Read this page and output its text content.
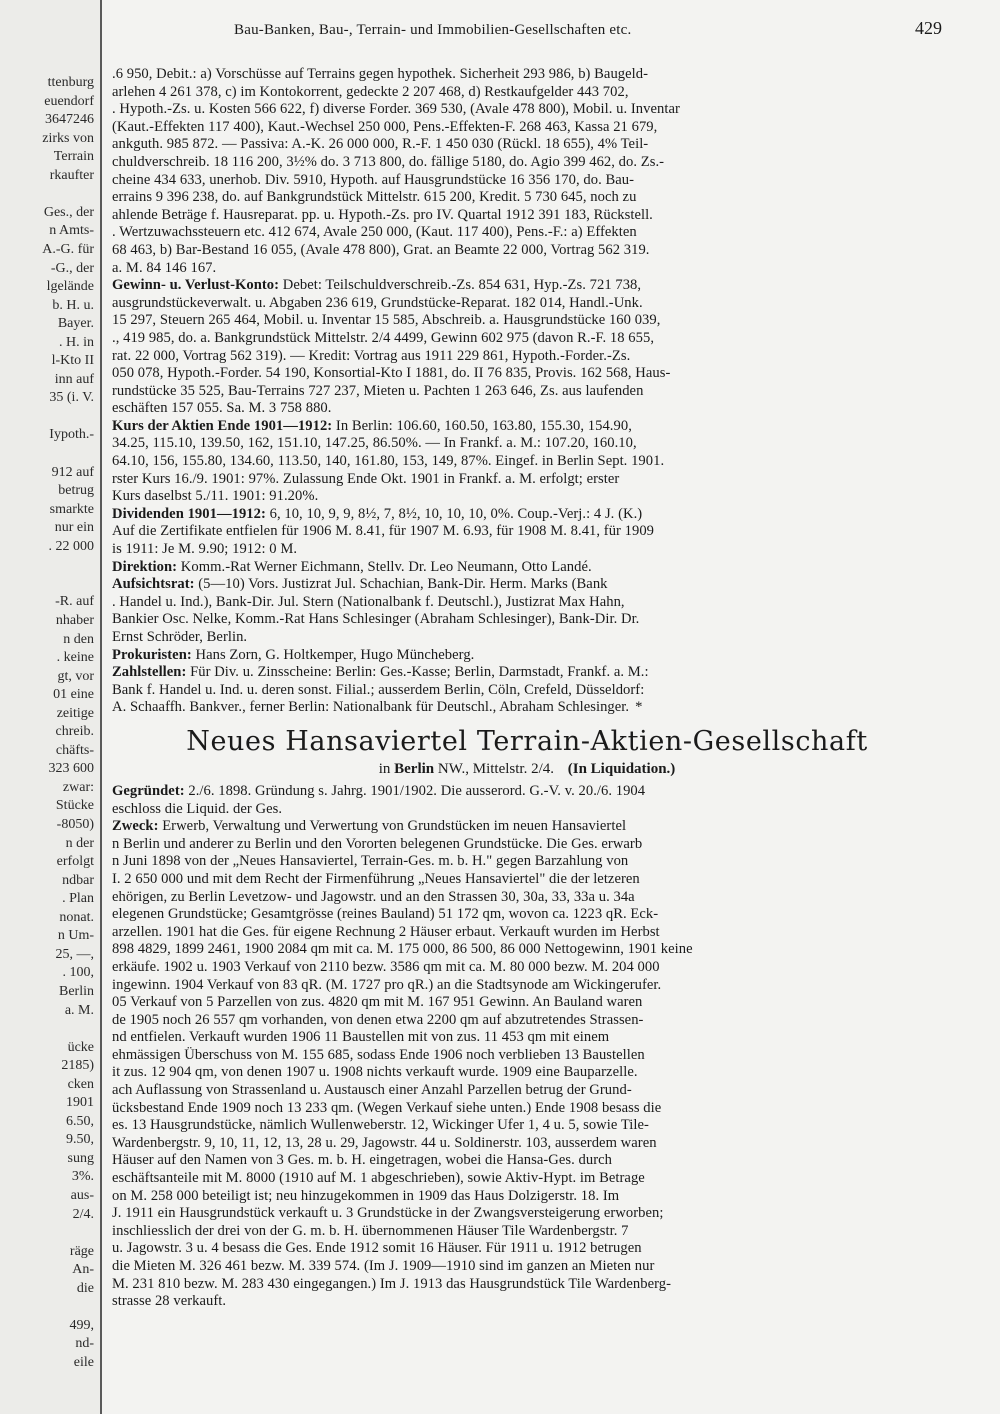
ttenburg
euendorf
3647246
zirks von
Terrain
rkaufter
Ges., der
n Amts-
A.-G. für
-G., der
lgelände
b. H. u.
Bayer.
. H. in
l-Kto II
inn auf
35 (i. V.
Iypoth.-
912 auf
betrug
smarkte
nur ein
. 22 000
-R. auf
nhaber
n den
. keine
gt, vor
01 eine
zeitige
chreib.
chäfts-
323 600
zwar:
Stücke
-8050)
n der
erfolgt
ndbar
. Plan
nonat.
n Um-
25, —,
. 100,
Berlin
a. M.
ücke
2185)
cken
1901
6.50,
9.50,
sung
3%.
aus-
2/4.
räge
An-
die
499,
nd-
eile
Bau-Banken, Bau-, Terrain- und Immobilien-Gesellschaften etc.	429
.6 950, Debit.: a) Vorschüsse auf Terrains gegen hypothek. Sicherheit 293 986, b) Baugeld-
arlehen 4 261 378, c) im Kontokorrent, gedeckte 2 207 468, d) Restkaufgelder 443 702,
. Hypoth.-Zs. u. Kosten 566 622, f) diverse Forder. 369 530, (Avale 478 800), Mobil. u. Inventar
(Kaut.-Effekten 117 400), Kaut.-Wechsel 250 000, Pens.-Effekten-F. 268 463, Kassa 21 679,
ankguth. 985 872. — Passiva: A.-K. 26 000 000, R.-F. 1 450 030 (Rückl. 18 655), 4% Teil-
chuldverschreib. 18 116 200, 3½% do. 3 713 800, do. fällige 5180, do. Agio 399 462, do. Zs.-
cheine 434 633, unerhob. Div. 5910, Hypoth. auf Hausgrundstücke 16 356 170, do. Bau-
errains 9 396 238, do. auf Bankgrundstück Mittelstr. 615 200, Kredit. 5 730 645, noch zu
ahlende Beträge f. Hausreparat. pp. u. Hypoth.-Zs. pro IV. Quartal 1912 391 183, Rückstell.
. Wertzuwachssteuern etc. 412 674, Avale 250 000, (Kaut. 117 400), Pens.-F.: a) Effekten
68 463, b) Bar-Bestand 16 055, (Avale 478 800), Grat. an Beamte 22 000, Vortrag 562 319.
a. M. 84 146 167.
Gewinn- u. Verlust-Konto: Debet: Teilschuldverschreib.-Zs. 854 631, Hyp.-Zs. 721 738,
ausgrundstückeverwalt. u. Abgaben 236 619, Grundstücke-Reparat. 182 014, Handl.-Unk.
15 297, Steuern 265 464, Mobil. u. Inventar 15 585, Abschreib. a. Hausgrundstücke 160 039,
., 419 985, do. a. Bankgrundstück Mittelstr. 2/4 4499, Gewinn 602 975 (davon R.-F. 18 655,
rat. 22 000, Vortrag 562 319). — Kredit: Vortrag aus 1911 229 861, Hypoth.-Forder.-Zs.
050 078, Hypoth.-Forder. 54 190, Konsortial-Kto I 1881, do. II 76 835, Provis. 162 568, Haus-
rundstücke 35 525, Bau-Terrains 727 237, Mieten u. Pachten 1 263 646, Zs. aus laufenden
eschäften 157 055. Sa. M. 3 758 880.
Kurs der Aktien Ende 1901—1912: In Berlin: 106.60, 160.50, 163.80, 155.30, 154.90,
34.25, 115.10, 139.50, 162, 151.10, 147.25, 86.50%. — In Frankf. a. M.: 107.20, 160.10,
64.10, 156, 155.80, 134.60, 113.50, 140, 161.80, 153, 149, 87%. Eingef. in Berlin Sept. 1901.
rster Kurs 16./9. 1901: 97%. Zulassung Ende Okt. 1901 in Frankf. a. M. erfolgt; erster
Kurs daselbst 5./11. 1901: 91.20%.
Dividenden 1901—1912: 6, 10, 10, 9, 9, 8½, 7, 8½, 10, 10, 10, 0%. Coup.-Verj.: 4 J. (K.)
Auf die Zertifikate entfielen für 1906 M. 8.41, für 1907 M. 6.93, für 1908 M. 8.41, für 1909
is 1911: Je M. 9.90; 1912: 0 M.
Direktion: Komm.-Rat Werner Eichmann, Stellv. Dr. Leo Neumann, Otto Landé.
Aufsichtsrat: (5—10) Vors. Justizrat Jul. Schachian, Bank-Dir. Herm. Marks (Bank
. Handel u. Ind.), Bank-Dir. Jul. Stern (Nationalbank f. Deutschl.), Justizrat Max Hahn,
Bankier Osc. Nelke, Komm.-Rat Hans Schlesinger (Abraham Schlesinger), Bank-Dir. Dr.
Ernst Schröder, Berlin.
Prokuristen: Hans Zorn, G. Holtkemper, Hugo Müncheberg.
Zahlstellen: Für Div. u. Zinsscheine: Berlin: Ges.-Kasse; Berlin, Darmstadt, Frankf. a. M.:
Bank f. Handel u. Ind. u. deren sonst. Filial.; ausserdem Berlin, Cöln, Crefeld, Düsseldorf:
A. Schaaffh. Bankver., ferner Berlin: Nationalbank für Deutschl., Abraham Schlesinger. *
Neues Hansaviertel Terrain-Aktien-Gesellschaft
in Berlin NW., Mittelstr. 2/4. (In Liquidation.)
Gegründet: 2./6. 1898. Gründung s. Jahrg. 1901/1902. Die ausserord. G.-V. v. 20./6. 1904
eschloss die Liquid. der Ges.
Zweck: Erwerb, Verwaltung und Verwertung von Grundstücken im neuen Hansaviertel
n Berlin und anderer zu Berlin und den Vororten belegenen Grundstücke. Die Ges. erwarb
n Juni 1898 von der „Neues Hansaviertel, Terrain-Ges. m. b. H." gegen Barzahlung von
I. 2 650 000 und mit dem Recht der Firmenführung „Neues Hansaviertel" die der letzeren
ehörigen, zu Berlin Levetzow- und Jagowstr. und an den Strassen 30, 30a, 33, 33a u. 34a
elegenen Grundstücke; Gesamtgrösse (reines Bauland) 51 172 qm, wovon ca. 1223 qR. Eck-
arzellen. 1901 hat die Ges. für eigene Rechnung 2 Häuser erbaut. Verkauft wurden im Herbst
898 4829, 1899 2461, 1900 2084 qm mit ca. M. 175 000, 86 500, 86 000 Nettogewinn, 1901 keine
erkäufe. 1902 u. 1903 Verkauf von 2110 bezw. 3586 qm mit ca. M. 80 000 bezw. M. 204 000
ingewinn. 1904 Verkauf von 83 qR. (M. 1727 pro qR.) an die Stadtsynode am Wickingerufer.
05 Verkauf von 5 Parzellen von zus. 4820 qm mit M. 167 951 Gewinn. An Bauland waren
de 1905 noch 26 557 qm vorhanden, von denen etwa 2200 qm auf abzutretendes Strassen-
nd entfielen. Verkauft wurden 1906 11 Baustellen mit von zus. 11 453 qm mit einem
ehmässigen Überschuss von M. 155 685, sodass Ende 1906 noch verblieben 13 Baustellen
it zus. 12 904 qm, von denen 1907 u. 1908 nichts verkauft wurde. 1909 eine Bauparzelle.
ach Auflassung von Strassenland u. Austausch einer Anzahl Parzellen betrug der Grund-
ücksbestand Ende 1909 noch 13 233 qm. (Wegen Verkauf siehe unten.) Ende 1908 besass die
es. 13 Hausgrundstücke, nämlich Wullenweberstr. 12, Wickinger Ufer 1, 4 u. 5, sowie Tile-
Wardenbergstr. 9, 10, 11, 12, 13, 28 u. 29, Jagowstr. 44 u. Soldinerstr. 103, ausserdem waren
Häuser auf den Namen von 3 Ges. m. b. H. eingetragen, wobei die Hansa-Ges. durch
eschäftsanteile mit M. 8000 (1910 auf M. 1 abgeschrieben), sowie Aktiv-Hypt. im Betrage
on M. 258 000 beteiligt ist; neu hinzugekommen in 1909 das Haus Dolzigerstr. 18. Im
J. 1911 ein Hausgrundstück verkauft u. 3 Grundstücke in der Zwangsversteigerung erworben;
inschliesslich der drei von der G. m. b. H. übernommenen Häuser Tile Wardenbergstr. 7
u. Jagowstr. 3 u. 4 besass die Ges. Ende 1912 somit 16 Häuser. Für 1911 u. 1912 betrugen
die Mieten M. 326 461 bezw. M. 339 574. (Im J. 1909—1910 sind im ganzen an Mieten nur
M. 231 810 bezw. M. 283 430 eingegangen.) Im J. 1913 das Hausgrundstück Tile Wardenberg-
strasse 28 verkauft.
